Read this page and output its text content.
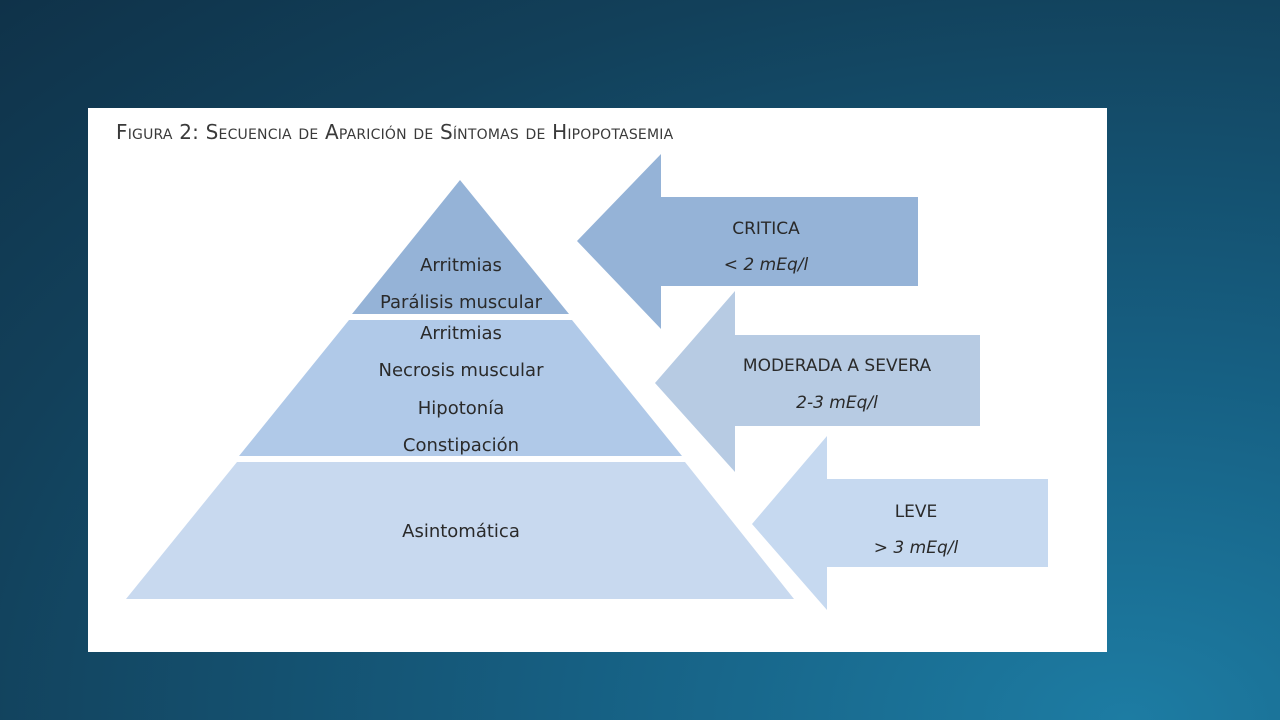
Figura 2: Secuencia de Aparición de Síntomas de Hipopotasemia
Arritmias
Parálisis muscular
Arritmias
Necrosis muscular
Hipotonía
Constipación
Asintomática
CRITICA
< 2 mEq/l
MODERADA A SEVERA
2-3 mEq/l
LEVE
> 3 mEq/l
